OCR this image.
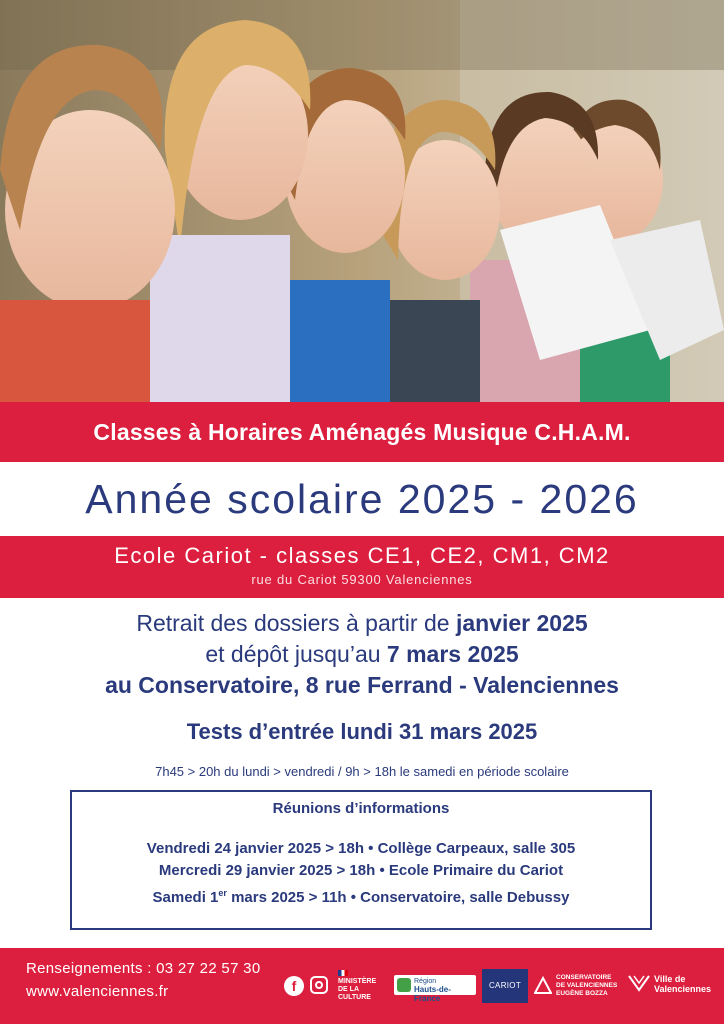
Classes à Horaires Aménagés Musique C.H.A.M.
Année scolaire 2025 - 2026
Ecole Cariot - classes CE1, CE2, CM1, CM2
rue du Cariot 59300 Valenciennes
Retrait des dossiers à partir de janvier 2025
et dépôt jusqu’au 7 mars 2025
au Conservatoire, 8 rue Ferrand - Valenciennes
Tests d’entrée lundi 31 mars 2025
7h45 > 20h du lundi > vendredi / 9h > 18h le samedi en période scolaire
Réunions d’informations
Vendredi 24 janvier 2025 > 18h • Collège Carpeaux, salle 305
Mercredi 29 janvier 2025 > 18h • Ecole Primaire du Cariot
Samedi 1er mars 2025 > 11h • Conservatoire, salle Debussy
Renseignements : 03 27 22 57 30
www.valenciennes.fr	f	MINISTÈRE DE LA CULTURE
Région
Hauts-de-France
CARIOT
CONSERVATOIRE
DE VALENCIENNES
EUGÈNE BOZZA
Ville de
Valenciennes
